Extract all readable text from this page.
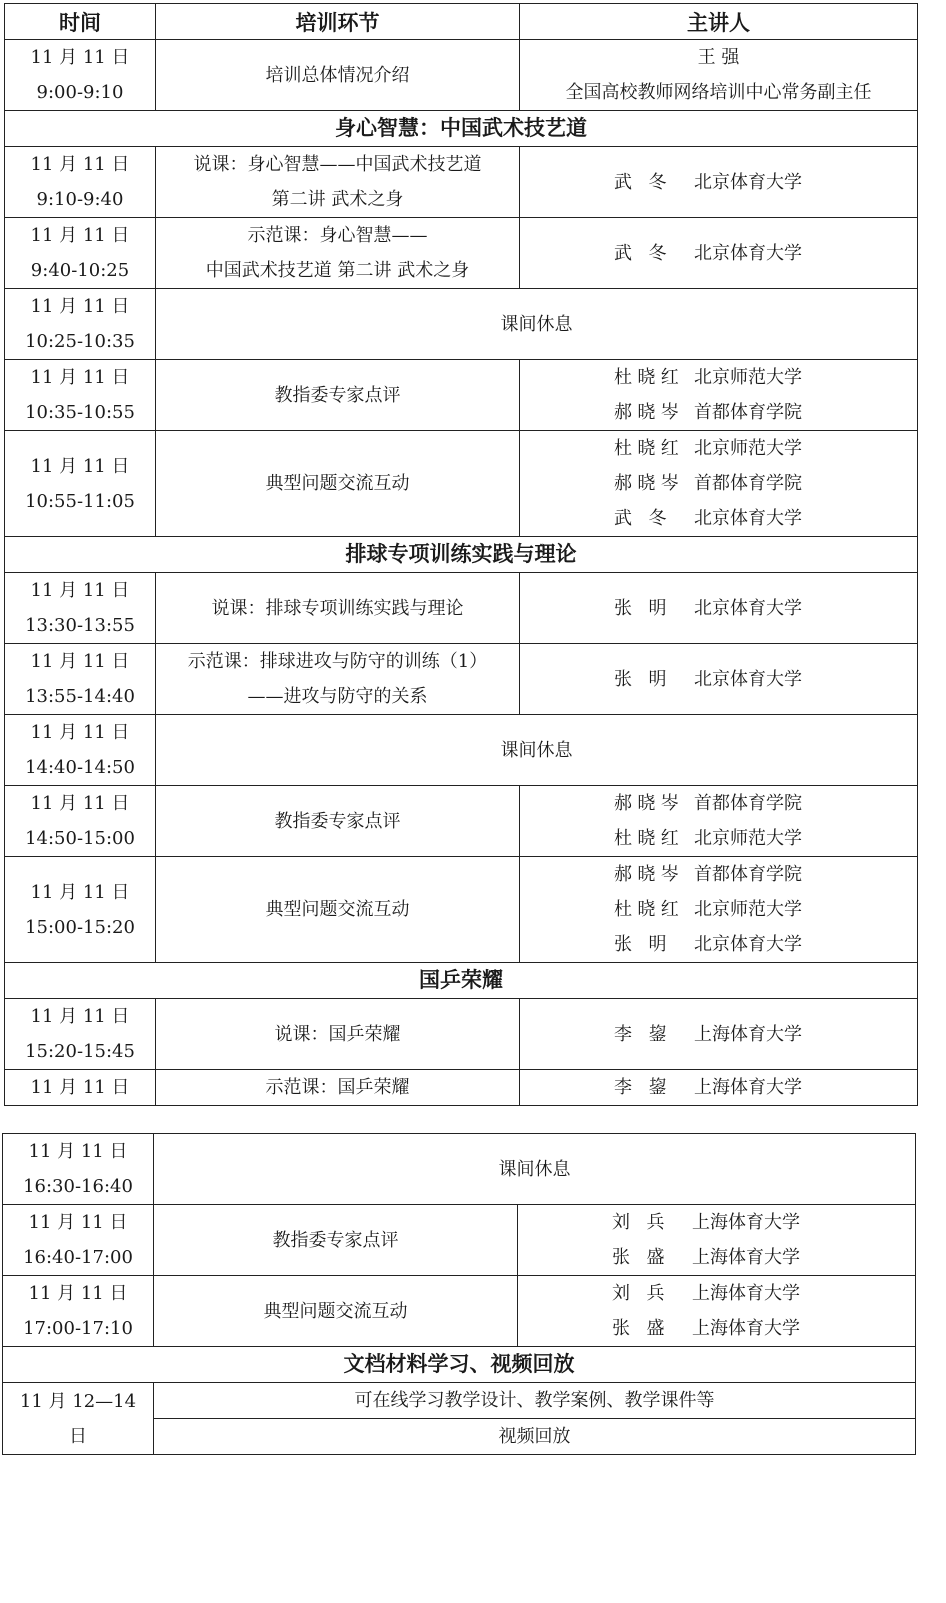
时间	培训环节	主讲人

11 月 11 日
9:00-9:10	培训总体情况介绍	王 强
全国高校教师网络培训中心常务副主任

身心智慧：中国武术技艺道		

11 月 11 日
9:10-9:40	说课：身心智慧——中国武术技艺道
第二讲 武术之身	武 冬 北京体育大学

11 月 11 日
9:40-10:25	示范课：身心智慧——
中国武术技艺道 第二讲 武术之身	武 冬 北京体育大学

11 月 11 日
10:25-10:35	课间休息	

11 月 11 日
10:35-10:55	教指委专家点评	杜晓红 北京师范大学
郝晓岑 首都体育学院

11 月 11 日
10:55-11:05	典型问题交流互动	杜晓红 北京师范大学
郝晓岑 首都体育学院
武 冬 北京体育大学

排球专项训练实践与理论		

11 月 11 日
13:30-13:55	说课：排球专项训练实践与理论	张 明 北京体育大学

11 月 11 日
13:55-14:40	示范课：排球进攻与防守的训练（1）
——进攻与防守的关系	张 明 北京体育大学

11 月 11 日
14:40-14:50	课间休息	

11 月 11 日
14:50-15:00	教指委专家点评	郝晓岑 首都体育学院
杜晓红 北京师范大学

11 月 11 日
15:00-15:20	典型问题交流互动	郝晓岑 首都体育学院
杜晓红 北京师范大学
张 明 北京体育大学

国乒荣耀		

11 月 11 日
15:20-15:45	说课：国乒荣耀	李 鋆 上海体育大学

11 月 11 日	示范课：国乒荣耀	李 鋆 上海体育大学
11 月 11 日
16:30-16:40	课间休息	

11 月 11 日
16:40-17:00	教指委专家点评	刘 兵 上海体育大学
张 盛 上海体育大学

11 月 11 日
17:00-17:10	典型问题交流互动	刘 兵 上海体育大学
张 盛 上海体育大学

文档材料学习、视频回放		

11 月 12—14
日	可在线学习教学设计、教学案例、教学课件等	
	视频回放	
